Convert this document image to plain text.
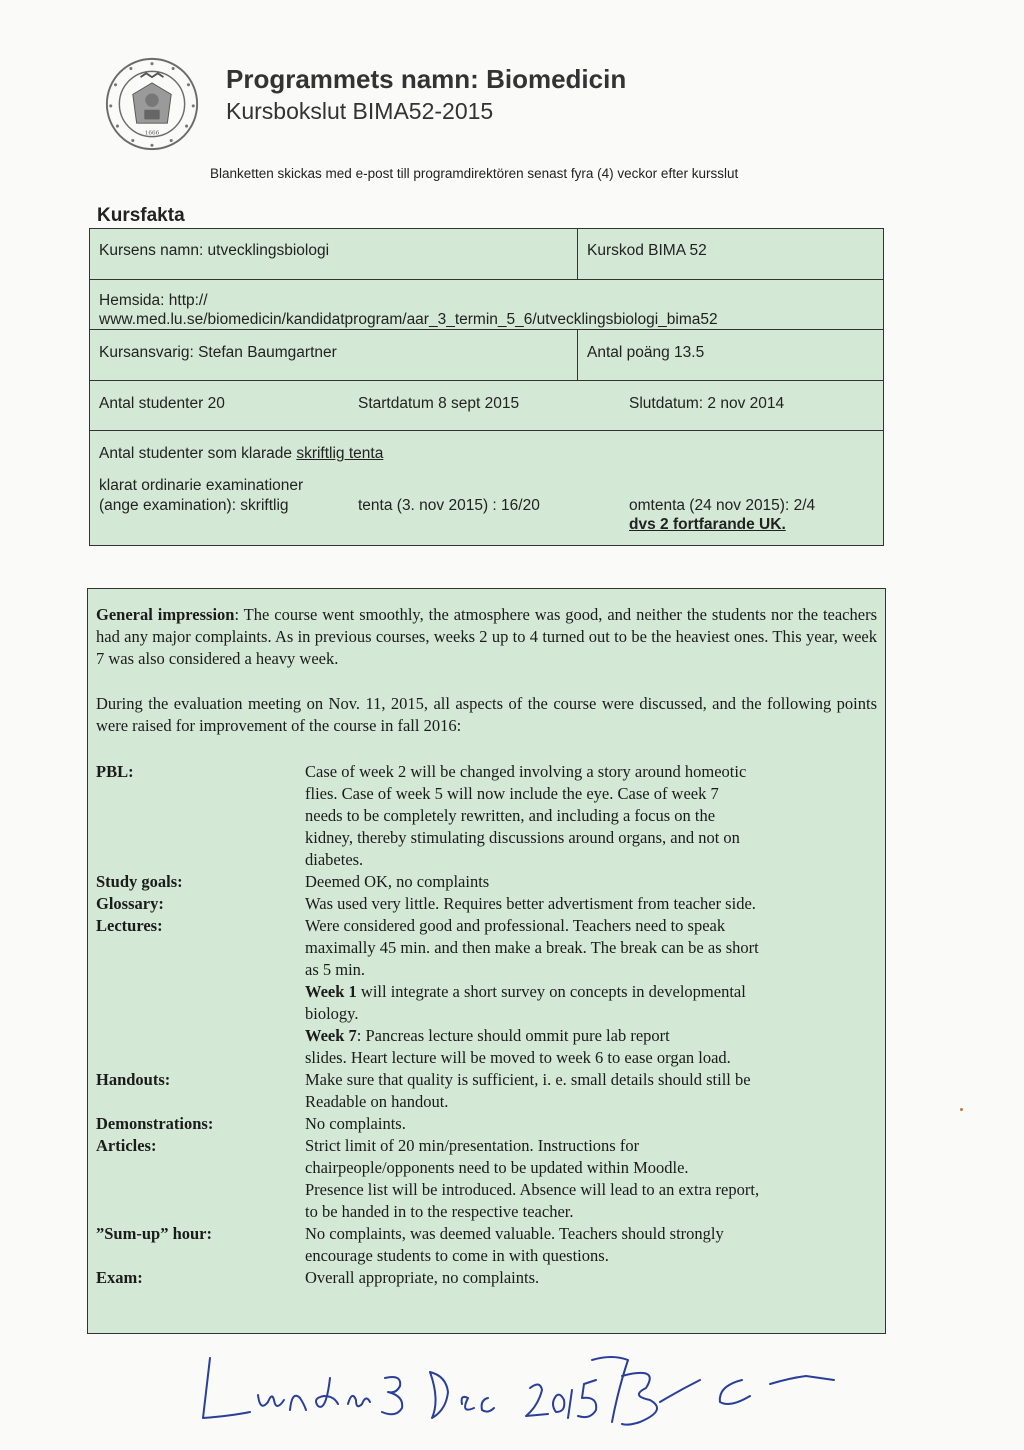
1666
Programmets namn: Biomedicin
Kursbokslut BIMA52-2015
Blanketten skickas med e-post till programdirektören senast fyra (4) veckor efter kursslut
Kursfakta
Kursens namn: utvecklingsbiologi	Kurskod BIMA 52
Hemsida: http://
www.med.lu.se/biomedicin/kandidatprogram/aar_3_termin_5_6/utvecklingsbiologi_bima52
Kursansvarig: Stefan Baumgartner	Antal poäng 13.5
Antal studenter 20	Startdatum 8 sept 2015	Slutdatum: 2 nov 2014
Antal studenter som klarade skriftlig tenta
klarat ordinarie examinationer
(ange examination): skriftlig	tenta (3. nov 2015) : 16/20	omtenta (24 nov 2015): 2/4
dvs 2 fortfarande UK.
General impression: The course went smoothly, the atmosphere was good, and neither the students nor the teachers had any major complaints. As in previous courses, weeks 2 up to 4 turned out to be the heaviest ones. This year, week 7 was also considered a heavy week.
During the evaluation meeting on Nov. 11, 2015, all aspects of the course were discussed, and the following points were raised for improvement of the course in fall 2016:
PBL:	Case of week 2 will be changed involving a story around homeotic
flies. Case of week 5 will now include the eye. Case of week 7
needs to be completely rewritten, and including a focus on the
kidney, thereby stimulating discussions around organs, and not on
diabetes.
Study goals:	Deemed OK, no complaints
Glossary:	Was used very little. Requires better advertisment from teacher side.
Lectures:	Were considered good and professional. Teachers need to speak
maximally 45 min. and then make a break. The break can be as short
as 5 min.
Week 1 will integrate a short survey on concepts in developmental
biology.
Week 7: Pancreas lecture should ommit pure lab report
slides. Heart lecture will be moved to week 6 to ease organ load.
Handouts:	Make sure that quality is sufficient, i. e. small details should still be
Readable on handout.
Demonstrations:	No complaints.
Articles:	Strict limit of 20 min/presentation. Instructions for
chairpeople/opponents need to be updated within Moodle.
Presence list will be introduced. Absence will lead to an extra report,
to be handed in to the respective teacher.
”Sum-up” hour:	No complaints, was deemed valuable. Teachers should strongly
encourage students to come in with questions.
Exam:	Overall appropriate, no complaints.
